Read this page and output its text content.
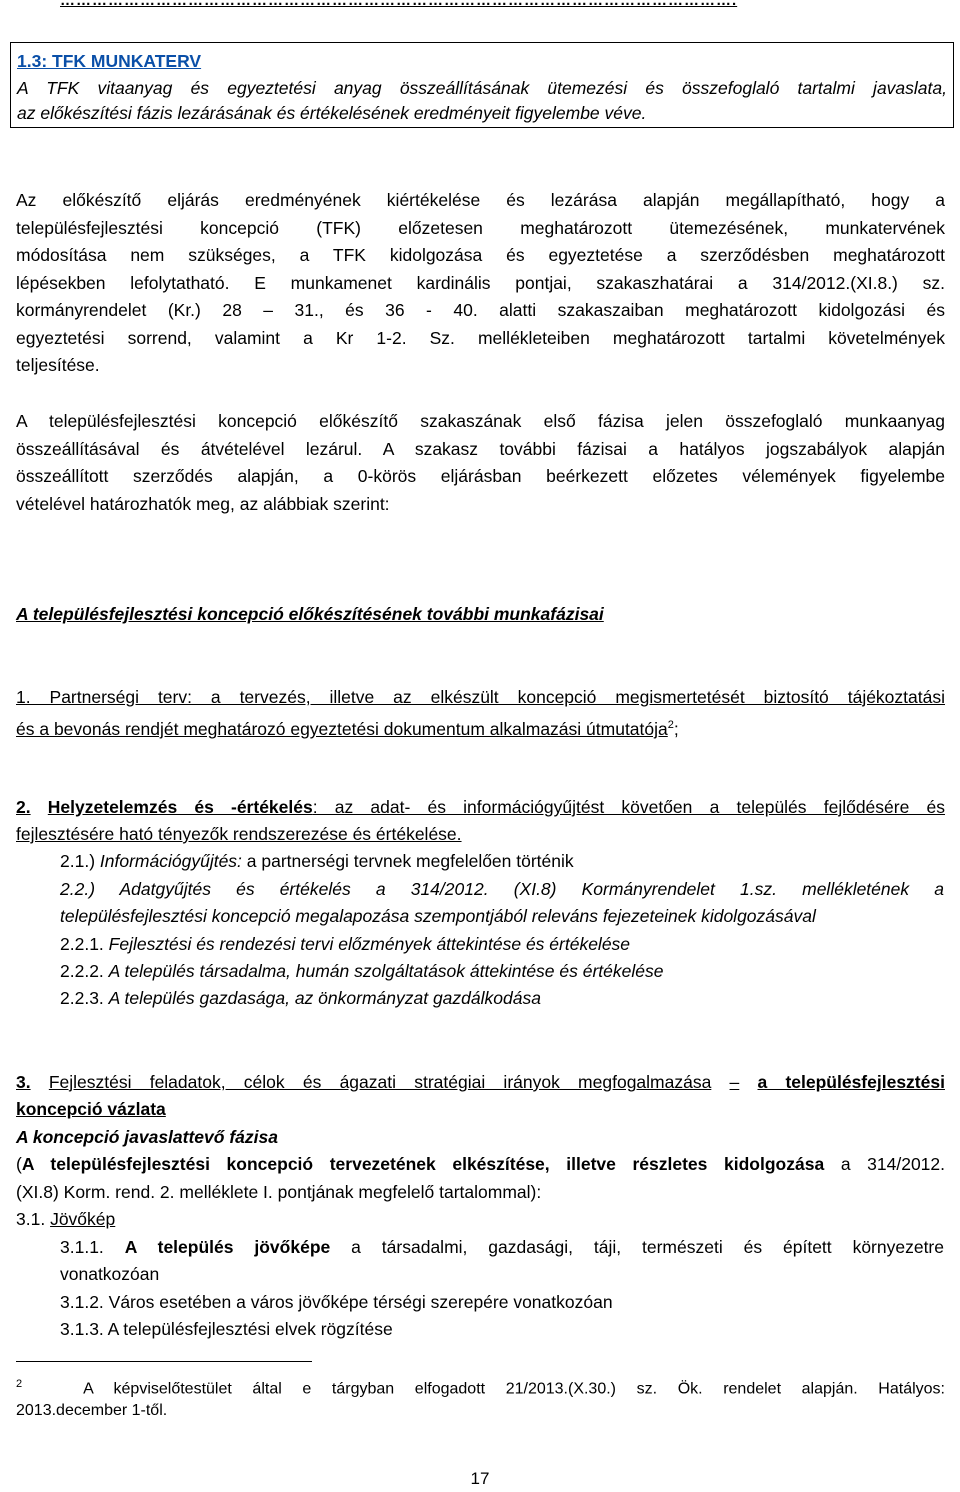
……………………………………………………………………………………………………………….
1.3: TFK MUNKATERV
A TFK vitaanyag és egyeztetési anyag összeállításának ütemezési és összefoglaló tartalmi javaslata,
az előkészítési fázis lezárásának és értékelésének eredményeit figyelembe véve.
Az előkészítő eljárás eredményének kiértékelése és lezárása alapján megállapítható, hogy a
településfejlesztési koncepció (TFK) előzetesen meghatározott ütemezésének, munkatervének
módosítása nem szükséges, a TFK kidolgozása és egyeztetése a szerződésben meghatározott
lépésekben lefolytatható. E munkamenet kardinális pontjai, szakaszhatárai a 314/2012.(XI.8.) sz.
kormányrendelet (Kr.) 28 – 31., és 36 - 40. alatti szakaszaiban meghatározott kidolgozási és
egyeztetési sorrend, valamint a Kr 1-2. Sz. mellékleteiben meghatározott tartalmi követelmények
teljesítése.
A településfejlesztési koncepció előkészítő szakaszának első fázisa jelen összefoglaló munkaanyag
összeállításával és átvételével lezárul. A szakasz további fázisai a hatályos jogszabályok alapján
összeállított szerződés alapján, a 0-körös eljárásban beérkezett előzetes vélemények figyelembe
vételével határozhatók meg, az alábbiak szerint:
A településfejlesztési koncepció előkészítésének további munkafázisai
1. Partnerségi terv: a tervezés, illetve az elkészült koncepció megismertetését biztosító tájékoztatási
és a bevonás rendjét meghatározó egyeztetési dokumentum alkalmazási útmutatója$^2$;
2. Helyzetelemzés és -értékelés: az adat- és információgyűjtést követően a település fejlődésére és
fejlesztésére ható tényezők rendszerezése és értékelése.
2.1.) Információgyűjtés: a partnerségi tervnek megfelelően történik
2.2.) Adatgyűjtés és értékelés a 314/2012. (XI.8) Kormányrendelet 1.sz. mellékletének a
településfejlesztési koncepció megalapozása szempontjából releváns fejezeteinek kidolgozásával
2.2.1. Fejlesztési és rendezési tervi előzmények áttekintése és értékelése
2.2.2. A település társadalma, humán szolgáltatások áttekintése és értékelése
2.2.3. A település gazdasága, az önkormányzat gazdálkodása
3. Fejlesztési feladatok, célok és ágazati stratégiai irányok megfogalmazása – a településfejlesztési
koncepció vázlata
A koncepció javaslattevő fázisa
(A településfejlesztési koncepció tervezetének elkészítése, illetve részletes kidolgozása a 314/2012.
(XI.8) Korm. rend. 2. melléklete I. pontjának megfelelő tartalommal):
3.1. Jövőkép
3.1.1. A település jövőképe a társadalmi, gazdasági, táji, természeti és épített környezetre
vonatkozóan
3.1.2. Város esetében a város jövőképe térségi szerepére vonatkozóan
3.1.3. A településfejlesztési elvek rögzítése
$^2$	A képviselőtestület által e tárgyban elfogadott 21/2013.(X.30.) sz. Ök. rendelet alapján. Hatályos:
2013.december 1-től.
17
